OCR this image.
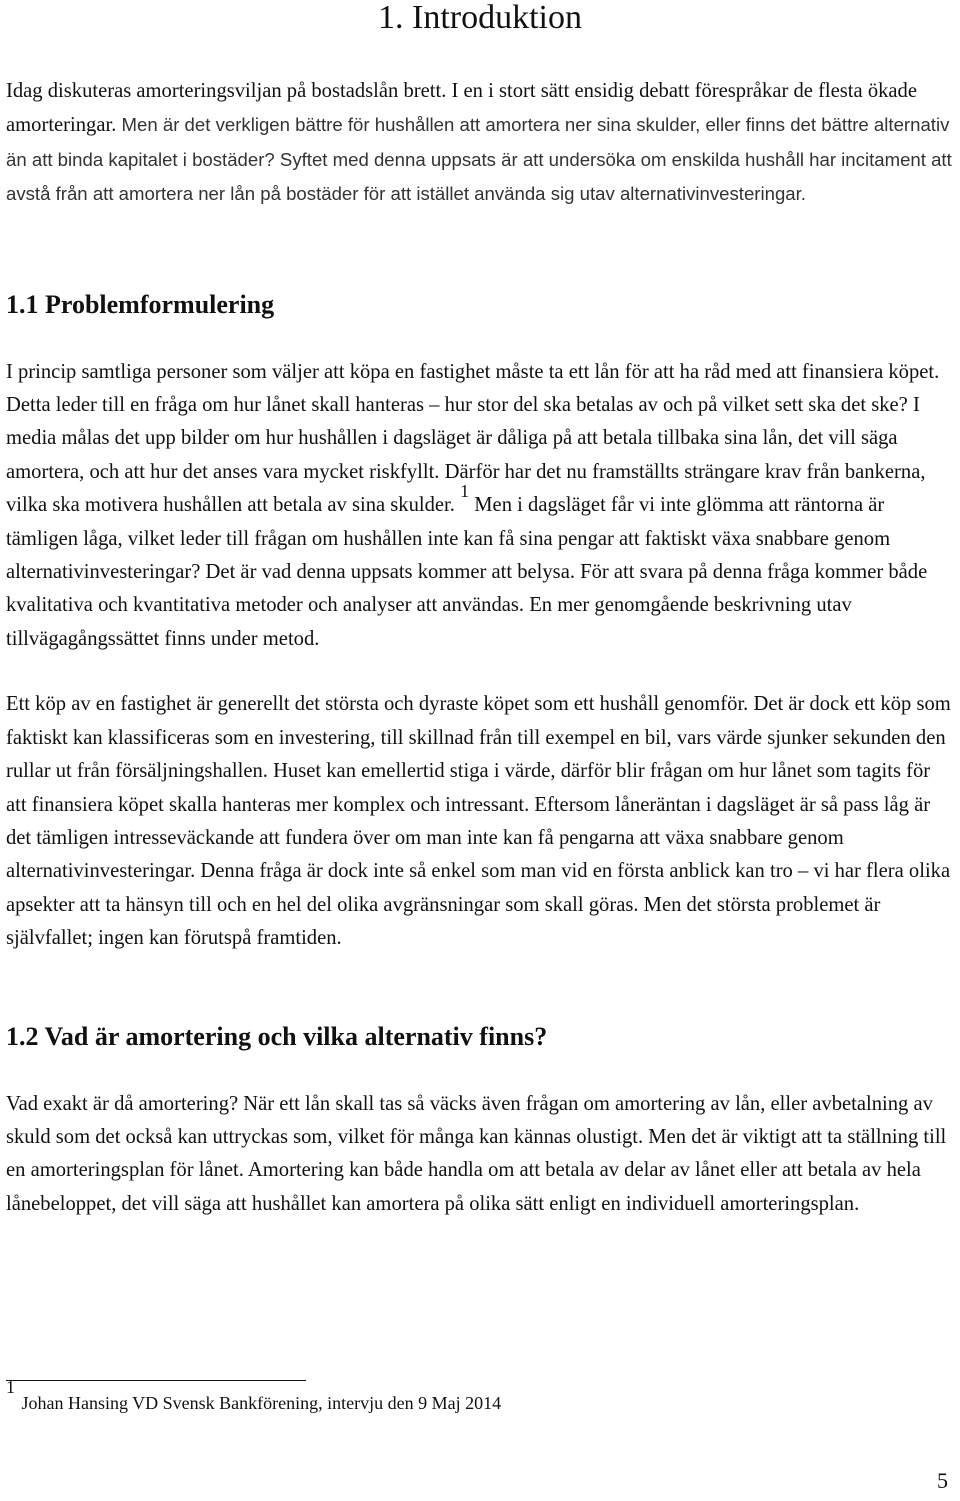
1. Introduktion

Idag diskuteras amorteringsviljan på bostadslån brett. I en i stort sätt ensidig debatt förespråkar de flesta ökade amorteringar. Men är det verkligen bättre för hushållen att amortera ner sina skulder, eller finns det bättre alternativ än att binda kapitalet i bostäder? Syftet med denna uppsats är att undersöka om enskilda hushåll har incitament att avstå från att amortera ner lån på bostäder för att istället använda sig utav alternativinvesteringar.

1.1 Problemformulering

I princip samtliga personer som väljer att köpa en fastighet måste ta ett lån för att ha råd med att finansiera köpet. Detta leder till en fråga om hur lånet skall hanteras – hur stor del ska betalas av och på vilket sett ska det ske? I media målas det upp bilder om hur hushållen i dagsläget är dåliga på att betala tillbaka sina lån, det vill säga amortera, och att hur det anses vara mycket riskfyllt. Därför har det nu framställts strängare krav från bankerna, vilka ska motivera hushållen att betala av sina skulder. 1 Men i dagsläget får vi inte glömma att räntorna är tämligen låga, vilket leder till frågan om hushållen inte kan få sina pengar att faktiskt växa snabbare genom alternativinvesteringar? Det är vad denna uppsats kommer att belysa. För att svara på denna fråga kommer både kvalitativa och kvantitativa metoder och analyser att användas. En mer genomgående beskrivning utav tillvägagångssättet finns under metod.

Ett köp av en fastighet är generellt det största och dyraste köpet som ett hushåll genomför. Det är dock ett köp som faktiskt kan klassificeras som en investering, till skillnad från till exempel en bil, vars värde sjunker sekunden den rullar ut från försäljningshallen. Huset kan emellertid stiga i värde, därför blir frågan om hur lånet som tagits för att finansiera köpet skalla hanteras mer komplex och intressant. Eftersom låneräntan i dagsläget är så pass låg är det tämligen intresseväckande att fundera över om man inte kan få pengarna att växa snabbare genom alternativinvesteringar. Denna fråga är dock inte så enkel som man vid en första anblick kan tro – vi har flera olika apsekter att ta hänsyn till och en hel del olika avgränsningar som skall göras. Men det största problemet är självfallet; ingen kan förutspå framtiden.

1.2 Vad är amortering och vilka alternativ finns?

Vad exakt är då amortering? När ett lån skall tas så väcks även frågan om amortering av lån, eller avbetalning av skuld som det också kan uttryckas som, vilket för många kan kännas olustigt. Men det är viktigt att ta ställning till en amorteringsplan för lånet. Amortering kan både handla om att betala av delar av lånet eller att betala av hela lånebeloppet, det vill säga att hushållet kan amortera på olika sätt enligt en individuell amorteringsplan.

1 Johan Hansing VD Svensk Bankförening, intervju den 9 Maj 2014
5
